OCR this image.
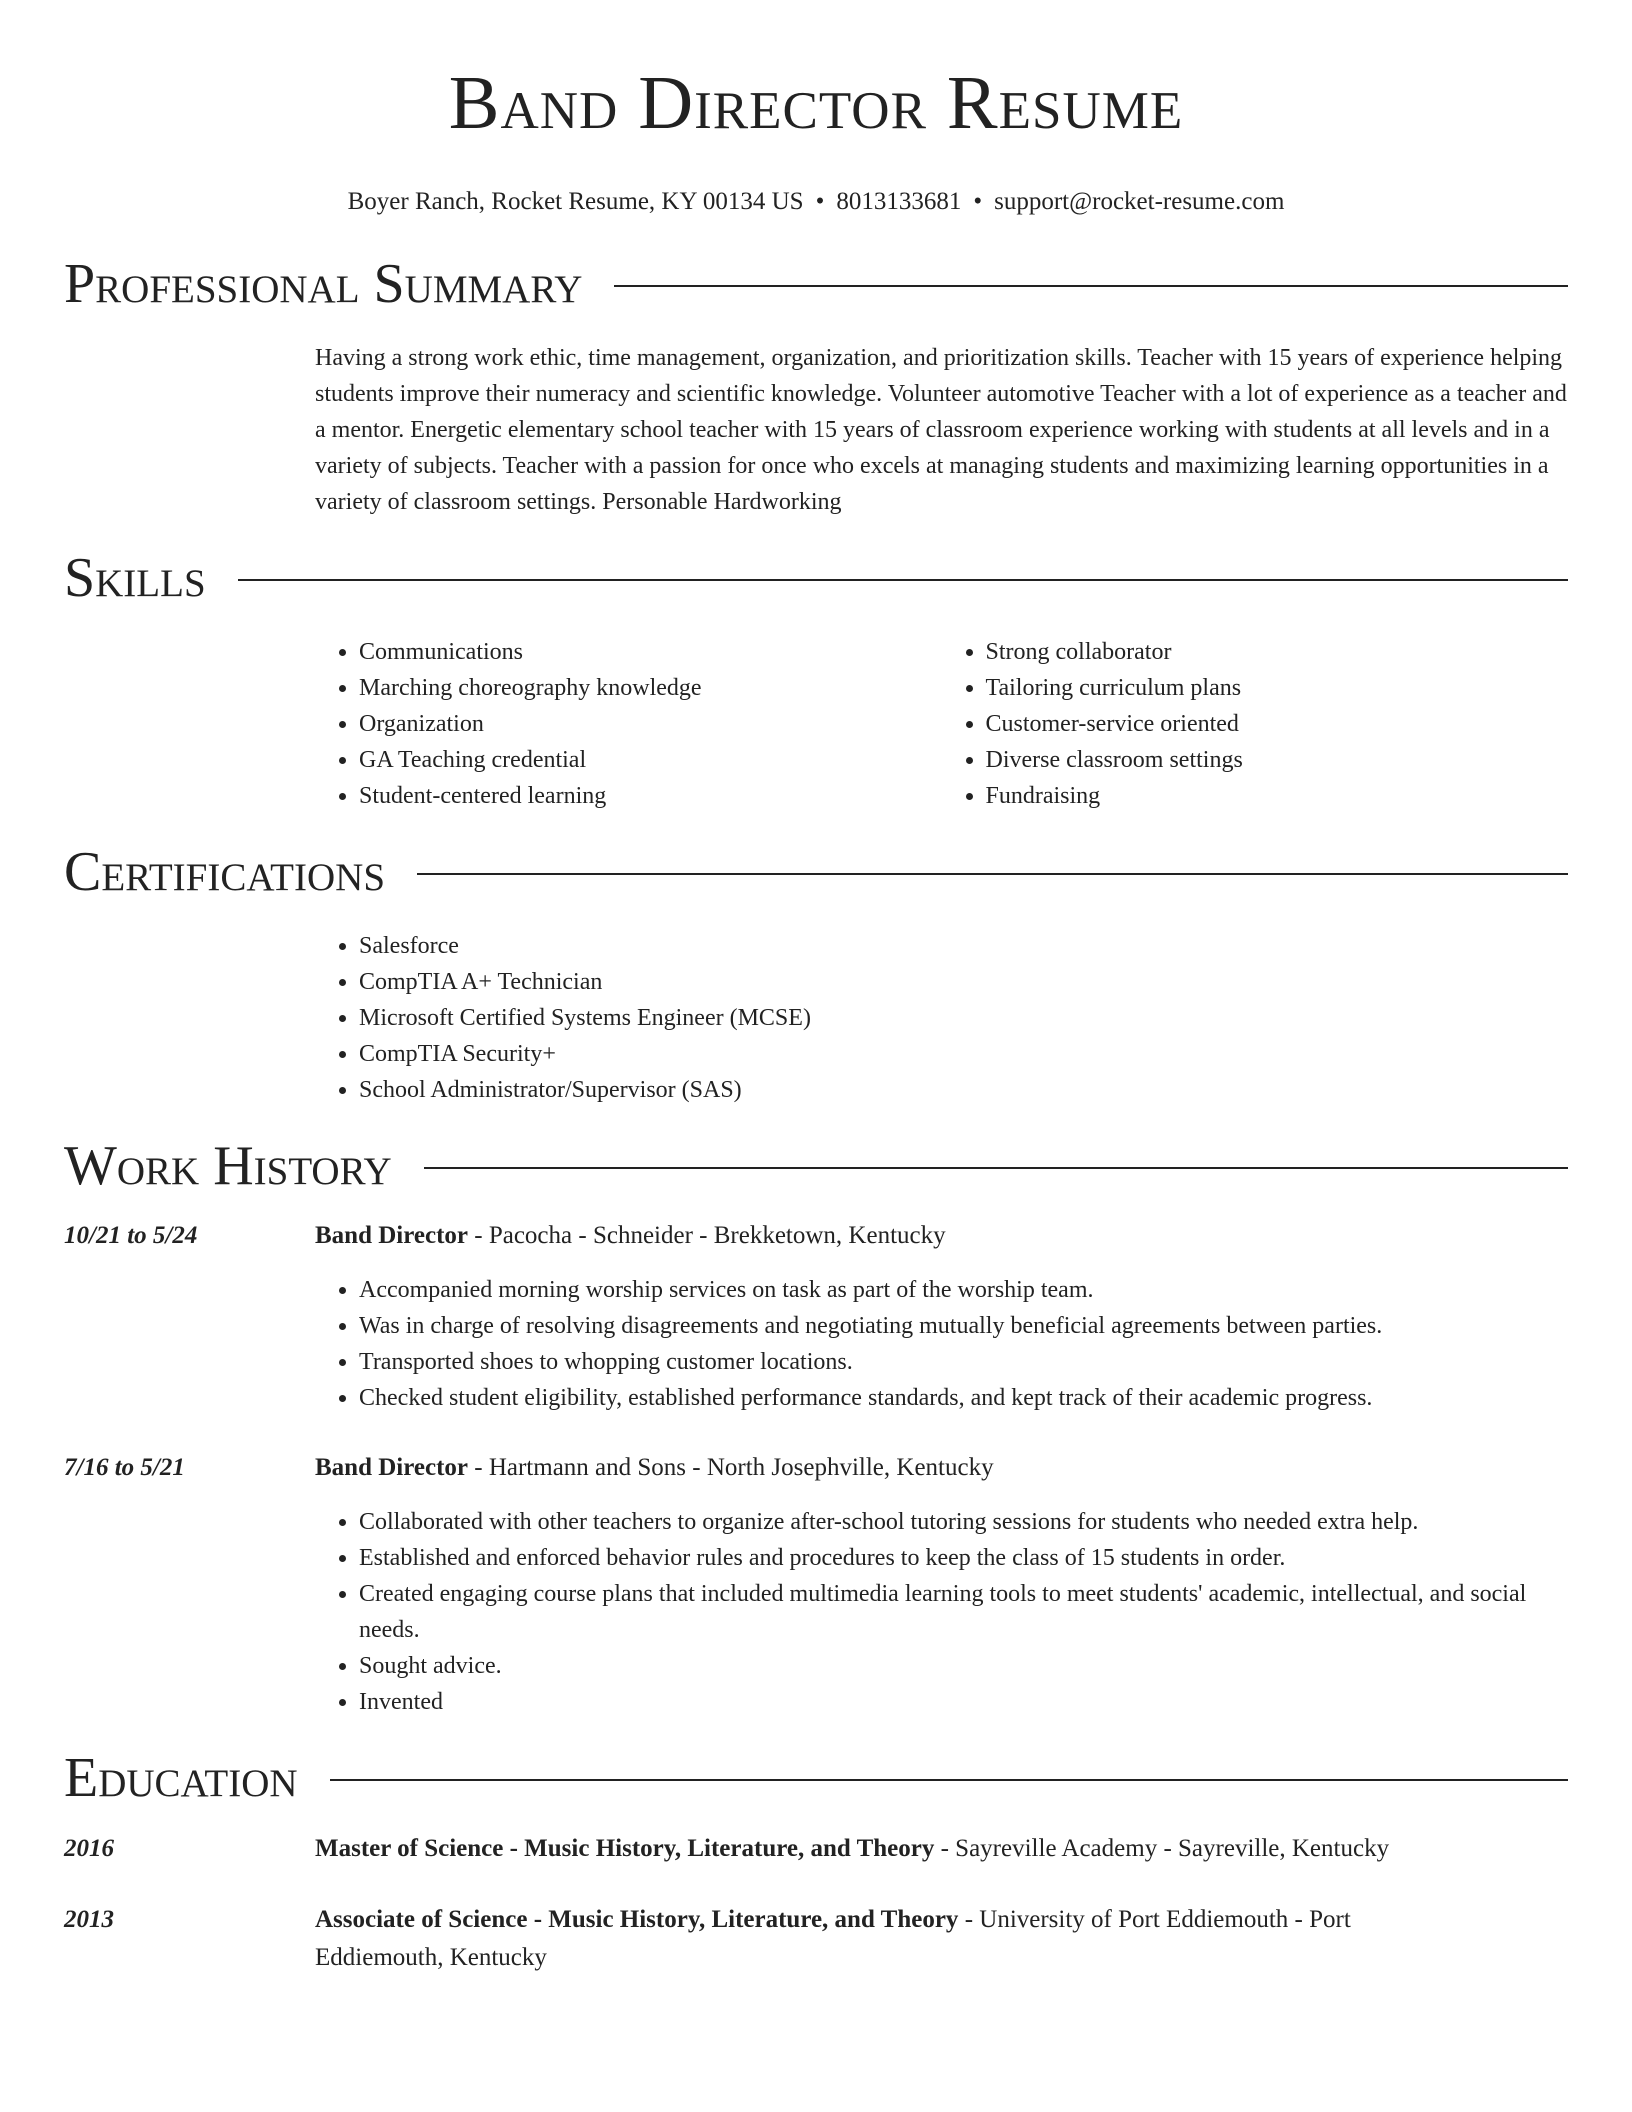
Band Director Resume
Boyer Ranch, Rocket Resume, KY 00134 US • 8013133681 • support@rocket-resume.com
Professional Summary
Having a strong work ethic, time management, organization, and prioritization skills. Teacher with 15 years of experience helping students improve their numeracy and scientific knowledge. Volunteer automotive Teacher with a lot of experience as a teacher and a mentor. Energetic elementary school teacher with 15 years of classroom experience working with students at all levels and in a variety of subjects. Teacher with a passion for once who excels at managing students and maximizing learning opportunities in a variety of classroom settings. Personable Hardworking
Skills
• Communications
• Marching choreography knowledge
• Organization
• GA Teaching credential
• Student-centered learning
• Strong collaborator
• Tailoring curriculum plans
• Customer-service oriented
• Diverse classroom settings
• Fundraising
Certifications
• Salesforce
• CompTIA A+ Technician
• Microsoft Certified Systems Engineer (MCSE)
• CompTIA Security+
• School Administrator/Supervisor (SAS)
Work History
10/21 to 5/24	Band Director - Pacocha - Schneider - Brekketown, Kentucky
• Accompanied morning worship services on task as part of the worship team.
• Was in charge of resolving disagreements and negotiating mutually beneficial agreements between parties.
• Transported shoes to whopping customer locations.
• Checked student eligibility, established performance standards, and kept track of their academic progress.
7/16 to 5/21	Band Director - Hartmann and Sons - North Josephville, Kentucky
• Collaborated with other teachers to organize after-school tutoring sessions for students who needed extra help.
• Established and enforced behavior rules and procedures to keep the class of 15 students in order.
• Created engaging course plans that included multimedia learning tools to meet students' academic, intellectual, and social needs.
• Sought advice.
• Invented
Education
2016	Master of Science - Music History, Literature, and Theory - Sayreville Academy - Sayreville, Kentucky
2013	Associate of Science - Music History, Literature, and Theory - University of Port Eddiemouth - Port Eddiemouth, Kentucky
